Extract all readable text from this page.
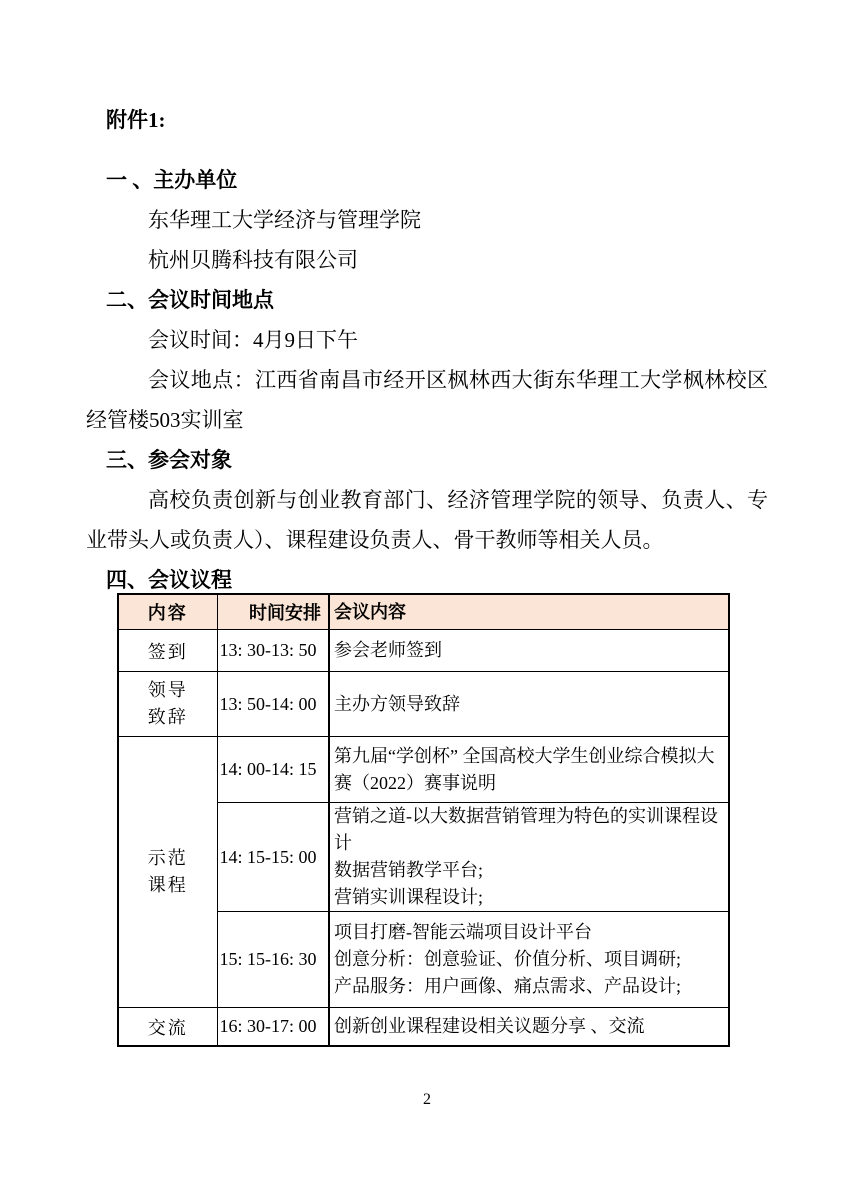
附件1:
一 、主办单位
东华理工大学经济与管理学院
杭州贝腾科技有限公司
二、会议时间地点
会议时间：4月9日下午
会议地点：江西省南昌市经开区枫林西大街东华理工大学枫林校区
经管楼503实训室
三、参会对象
高校负责创新与创业教育部门、经济管理学院的领导、负责人、专
业带头人或负责人）、课程建设负责人、骨干教师等相关人员。
四、会议议程
内容	时间安排	会议内容
签到	13: 30-13: 50	参会老师签到

领导
致辞	13: 50-14: 00	主办方领导致辞

示范
课程	14: 00-14: 15	第九届“学创杯” 全国高校大学生创业综合模拟大赛（2022）赛事说明
	14: 15-15: 00	营销之道-以大数据营销管理为特色的实训课程设计
数据营销教学平台;
营销实训课程设计;

	15: 15-16: 30	项目打磨-智能云端项目设计平台
创意分析：创意验证、价值分析、项目调研;
产品服务：用户画像、痛点需求、产品设计;

交流	16: 30-17: 00	创新创业课程建设相关议题分享 、交流
2
